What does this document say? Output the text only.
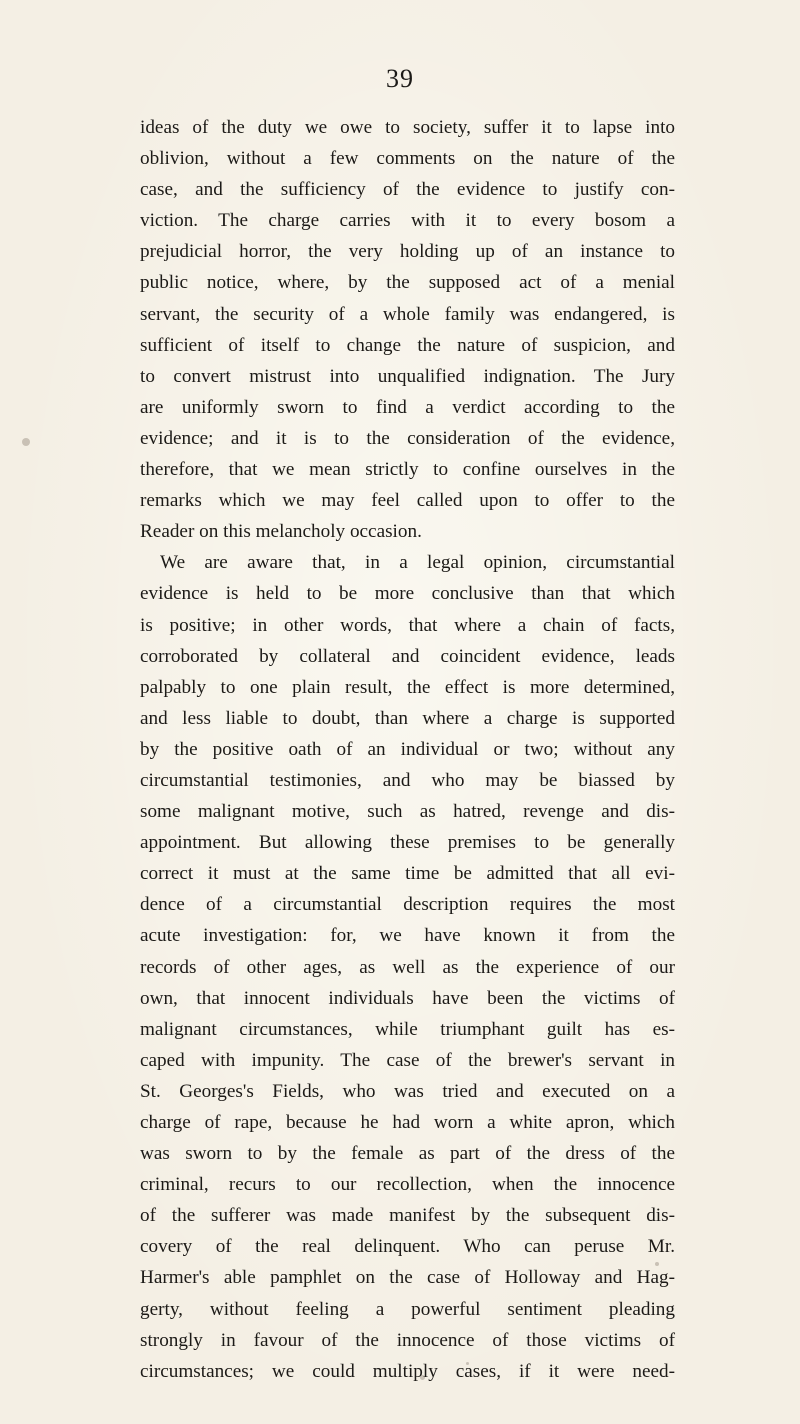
39
ideas of the duty we owe to society, suffer it to lapse into
oblivion, without a few comments on the nature of the
case, and the sufficiency of the evidence to justify con-
viction. The charge carries with it to every bosom a
prejudicial horror, the very holding up of an instance to
public notice, where, by the supposed act of a menial
servant, the security of a whole family was endangered, is
sufficient of itself to change the nature of suspicion, and
to convert mistrust into unqualified indignation. The Jury
are uniformly sworn to find a verdict according to the
evidence; and it is to the consideration of the evidence,
therefore, that we mean strictly to confine ourselves in the
remarks which we may feel called upon to offer to the
Reader on this melancholy occasion.
We are aware that, in a legal opinion, circumstantial
evidence is held to be more conclusive than that which
is positive; in other words, that where a chain of facts,
corroborated by collateral and coincident evidence, leads
palpably to one plain result, the effect is more determined,
and less liable to doubt, than where a charge is supported
by the positive oath of an individual or two; without any
circumstantial testimonies, and who may be biassed by
some malignant motive, such as hatred, revenge and dis-
appointment. But allowing these premises to be generally
correct it must at the same time be admitted that all evi-
dence of a circumstantial description requires the most
acute investigation: for, we have known it from the
records of other ages, as well as the experience of our
own, that innocent individuals have been the victims of
malignant circumstances, while triumphant guilt has es-
caped with impunity. The case of the brewer's servant in
St. Georges's Fields, who was tried and executed on a
charge of rape, because he had worn a white apron, which
was sworn to by the female as part of the dress of the
criminal, recurs to our recollection, when the innocence
of the sufferer was made manifest by the subsequent dis-
covery of the real delinquent. Who can peruse Mr.
Harmer's able pamphlet on the case of Holloway and Hag-
gerty, without feeling a powerful sentiment pleading
strongly in favour of the innocence of those victims of
circumstances; we could multiply cases, if it were need-
